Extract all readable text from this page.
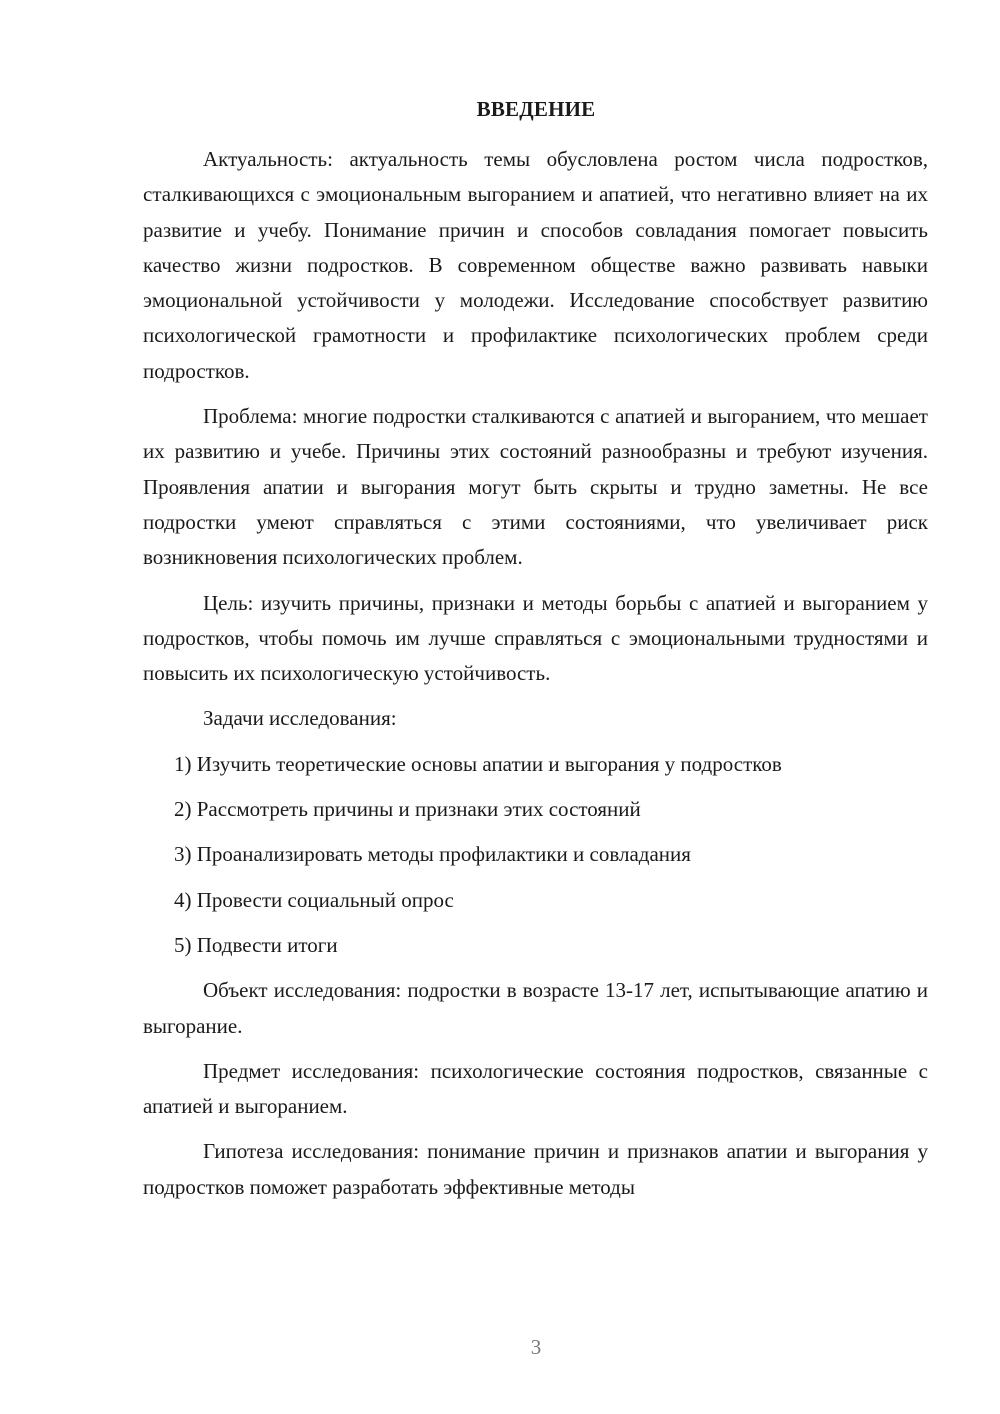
ВВЕДЕНИЕ

Актуальность: актуальность темы обусловлена ростом числа подростков, сталкивающихся с эмоциональным выгоранием и апатией, что негативно влияет на их развитие и учебу. Понимание причин и способов совладания помогает повысить качество жизни подростков. В современном обществе важно развивать навыки эмоциональной устойчивости у молодежи. Исследование способствует развитию психологической грамотности и профилактике психологических проблем среди подростков.

Проблема: многие подростки сталкиваются с апатией и выгоранием, что мешает их развитию и учебе. Причины этих состояний разнообразны и требуют изучения. Проявления апатии и выгорания могут быть скрыты и трудно заметны. Не все подростки умеют справляться с этими состояниями, что увеличивает риск возникновения психологических проблем.

Цель: изучить причины, признаки и методы борьбы с апатией и выгоранием у подростков, чтобы помочь им лучше справляться с эмоциональными трудностями и повысить их психологическую устойчивость.

Задачи исследования:

1) Изучить теоретические основы апатии и выгорания у подростков
2) Рассмотреть причины и признаки этих состояний
3) Проанализировать методы профилактики и совладания
4) Провести социальный опрос
5) Подвести итоги

Объект исследования: подростки в возрасте 13-17 лет, испытывающие апатию и выгорание.

Предмет исследования: психологические состояния подростков, связанные с апатией и выгоранием.

Гипотеза исследования: понимание причин и признаков апатии и выгорания у подростков поможет разработать эффективные методы

3
